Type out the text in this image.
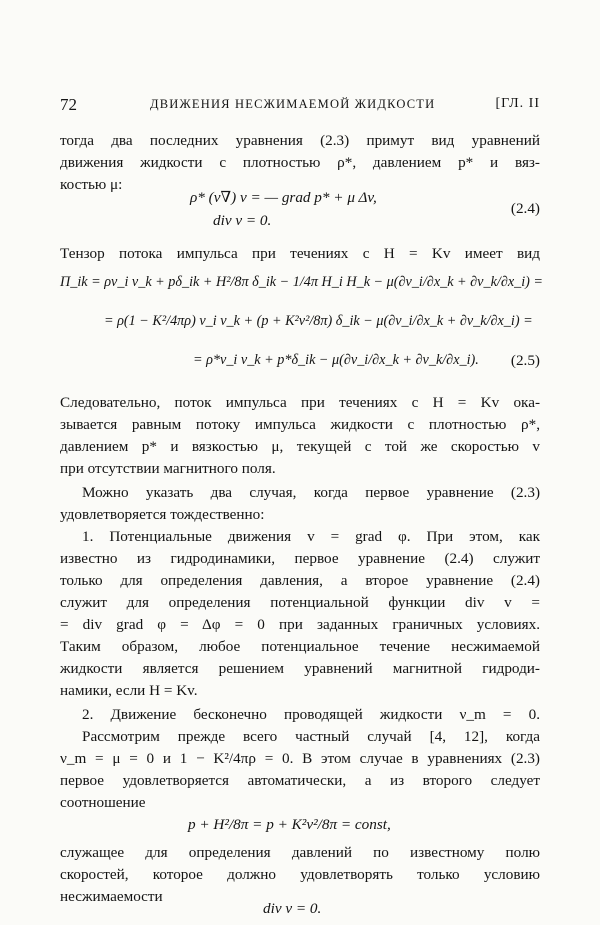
72	ДВИЖЕНИЯ НЕСЖИМАЕМОЙ ЖИДКОСТИ	[ГЛ. II
тогда два последних уравнения (2.3) примут вид уравнений
движения жидкости с плотностью ρ*, давлением p* и вяз-
костью μ:
ρ* (v∇) v = — grad p* + μ Δv,
div v = 0.
(2.4)
Тензор потока импульса при течениях с H = Kv имеет вид
Π_ik = ρv_i v_k + pδ_ik + H²/8π δ_ik − 1/4π H_i H_k − μ(∂v_i/∂x_k + ∂v_k/∂x_i) =
= ρ(1 − K²/4πρ) v_i v_k + (p + K²v²/8π) δ_ik − μ(∂v_i/∂x_k + ∂v_k/∂x_i) =
= ρ*v_i v_k + p*δ_ik − μ(∂v_i/∂x_k + ∂v_k/∂x_i). (2.5)
Следовательно, поток импульса при течениях с H = Kv ока-
зывается равным потоку импульса жидкости с плотностью ρ*,
давлением p* и вязкостью μ, текущей с той же скоростью v
при отсутствии магнитного поля.
Можно указать два случая, когда первое уравнение (2.3)
удовлетворяется тождественно:
1. Потенциальные движения v = grad φ. При этом, как
известно из гидродинамики, первое уравнение (2.4) служит
только для определения давления, а второе уравнение (2.4)
служит для определения потенциальной функции div v =
= div grad φ = Δφ = 0 при заданных граничных условиях.
Таким образом, любое потенциальное течение несжимаемой
жидкости является решением уравнений магнитной гидроди-
намики, если H = Kv.
2. Движение бесконечно проводящей жидкости ν_m = 0.
Рассмотрим прежде всего частный случай [4, 12], когда
ν_m = μ = 0 и 1 − K²/4πρ = 0. В этом случае в уравнениях (2.3)
первое удовлетворяется автоматически, а из второго следует
соотношение
p + H²/8π = p + K²v²/8π = const,
служащее для определения давлений по известному полю
скоростей, которое должно удовлетворять только условию
несжимаемости
div v = 0.
